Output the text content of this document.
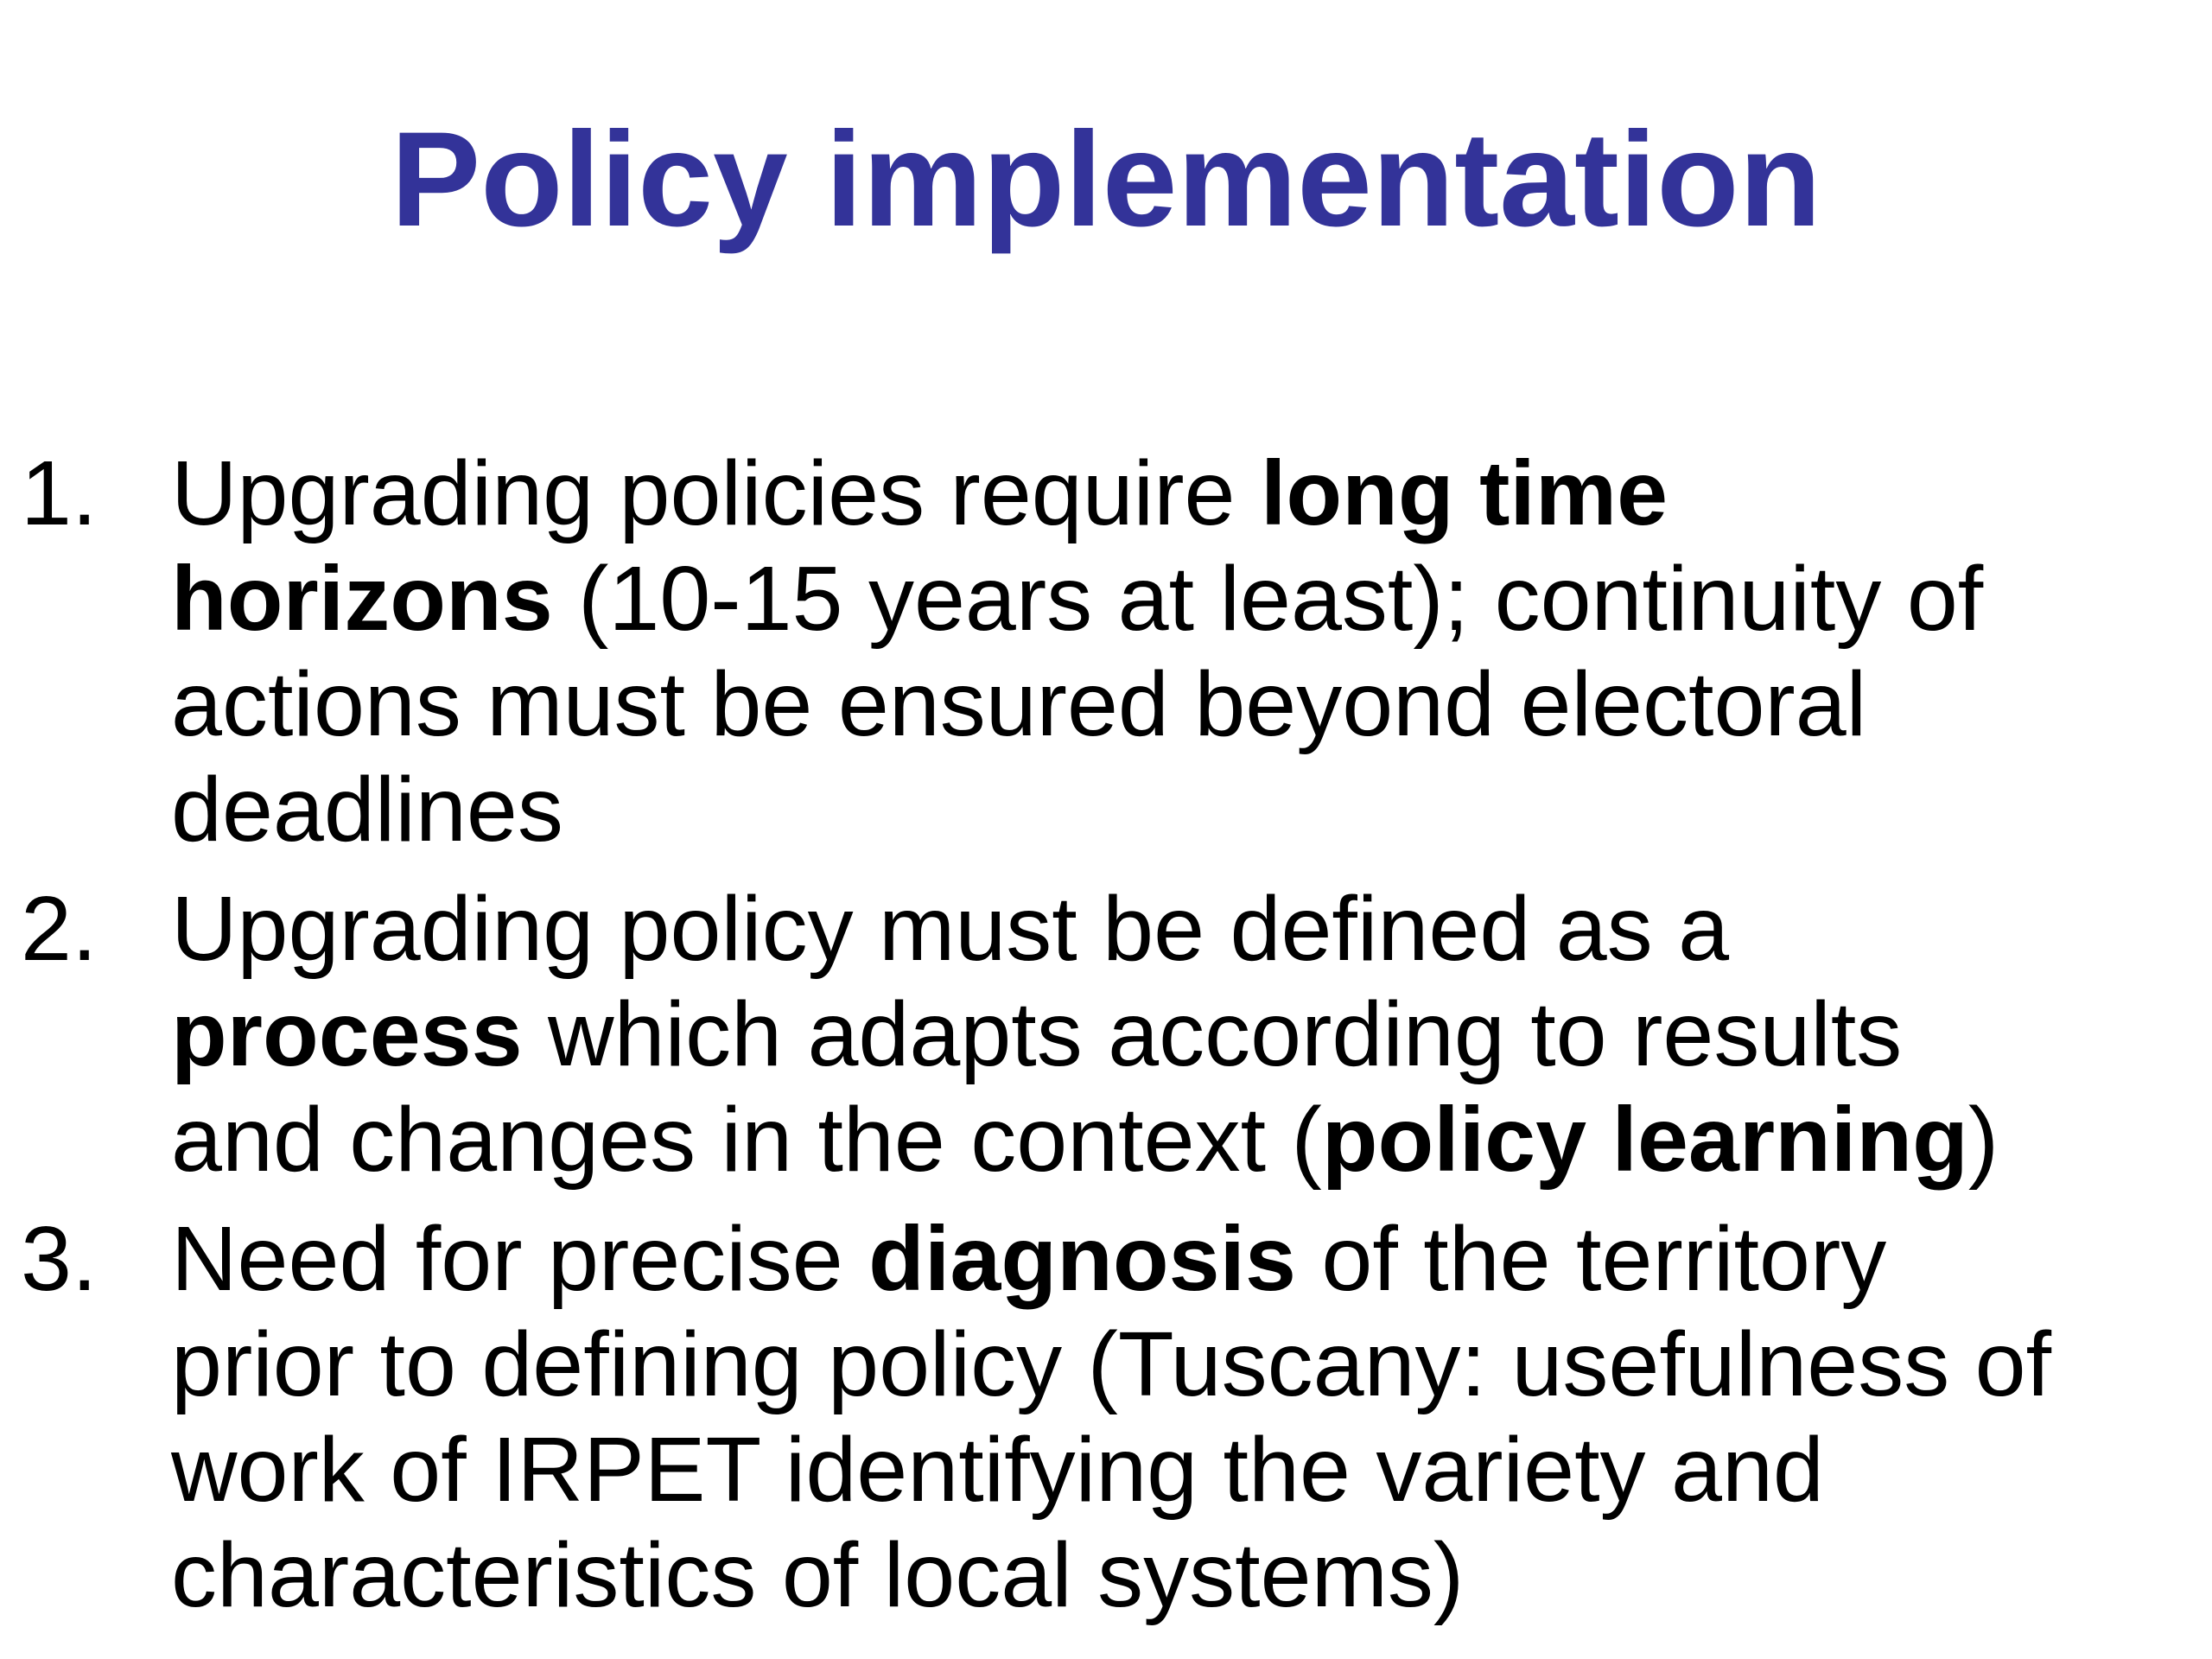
Policy implementation
1. Upgrading policies require long time
horizons (10-15 years at least); continuity of
actions must be ensured beyond electoral
deadlines
2. Upgrading policy must be defined as a
process which adapts according to results
and changes in the context (policy learning)
3. Need for precise diagnosis of the territory
prior to defining policy (Tuscany: usefulness of
work of IRPET identifying the variety and
characteristics of local systems)
